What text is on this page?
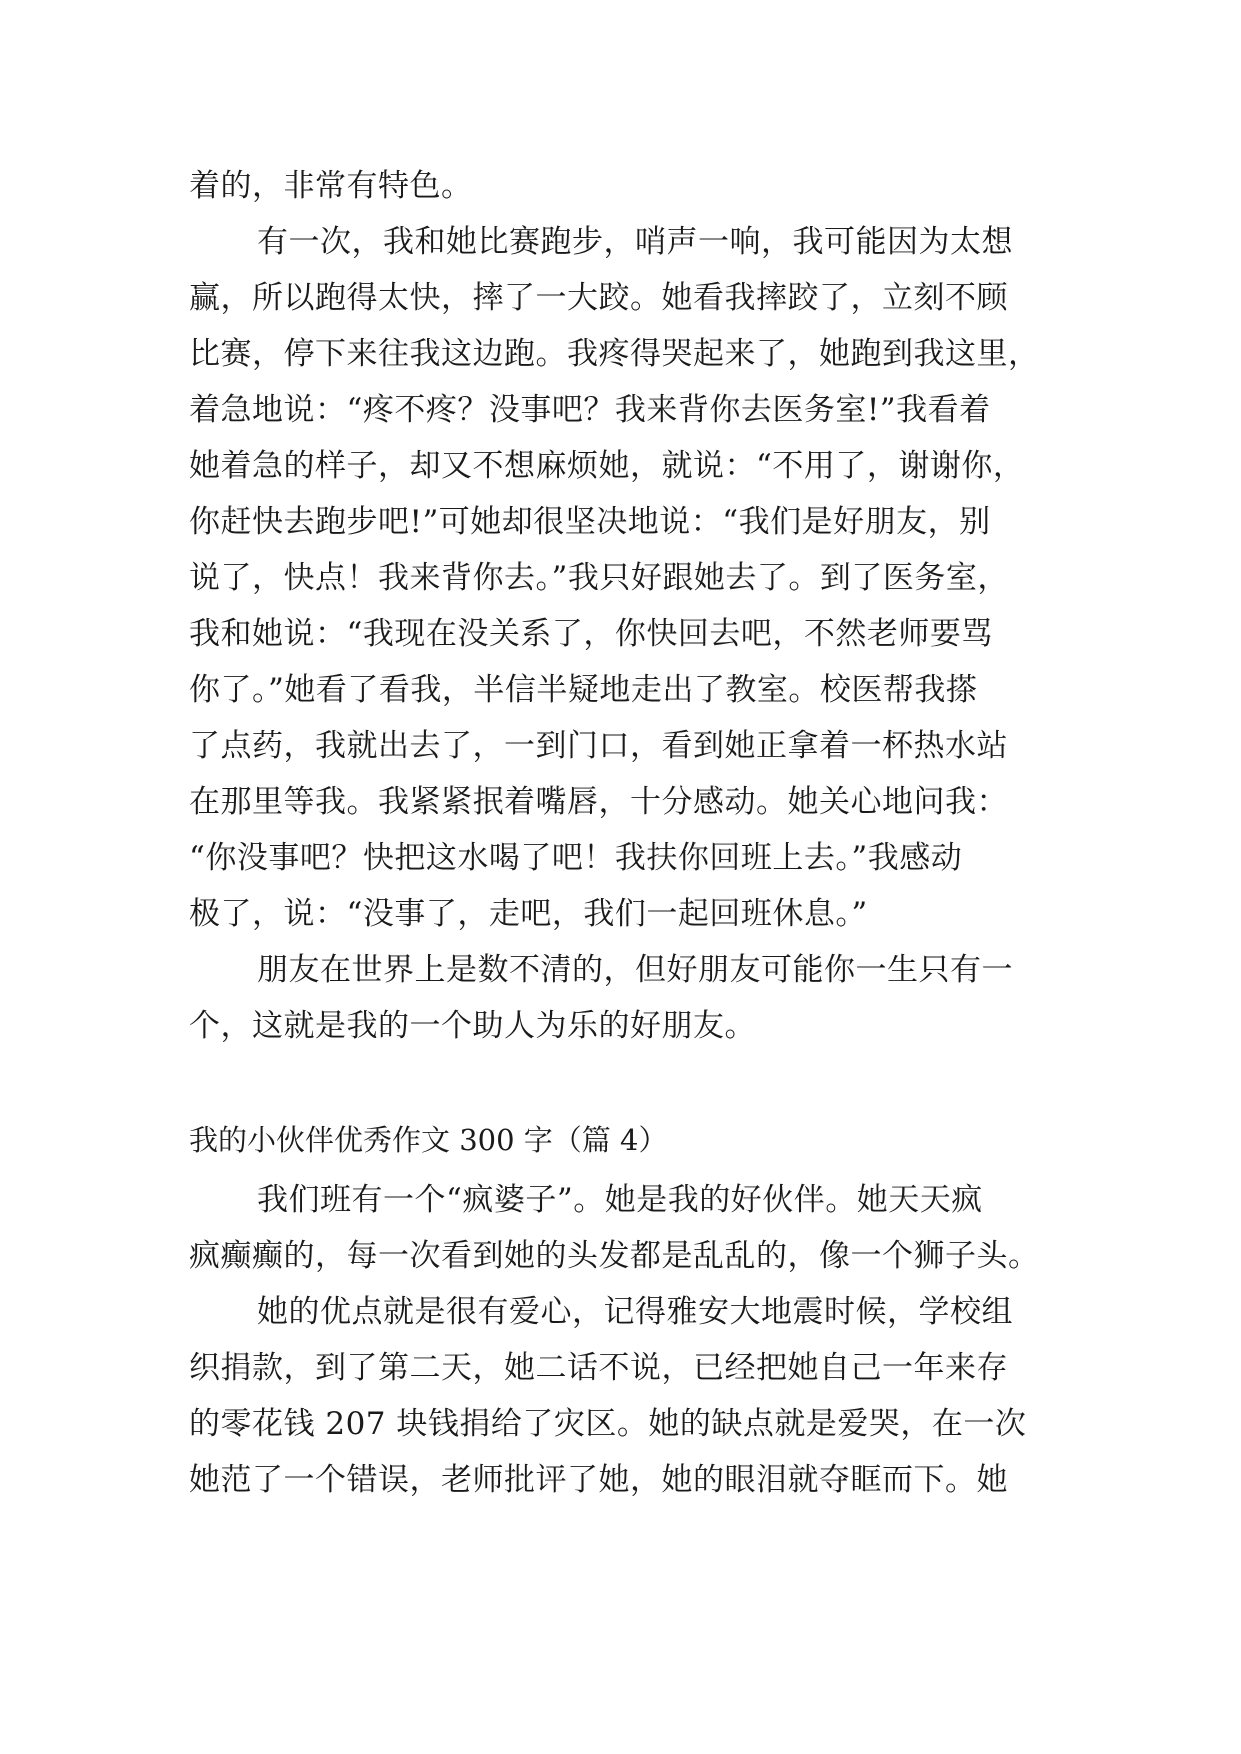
着的，非常有特色。
有一次，我和她比赛跑步，哨声一响，我可能因为太想
赢，所以跑得太快，摔了一大跤。她看我摔跤了，立刻不顾
比赛，停下来往我这边跑。我疼得哭起来了，她跑到我这里，
着急地说：“疼不疼？没事吧？我来背你去医务室!”我看着
她着急的样子，却又不想麻烦她，就说：“不用了，谢谢你，
你赶快去跑步吧!”可她却很坚决地说：“我们是好朋友，别
说了，快点！我来背你去。”我只好跟她去了。到了医务室，
我和她说：“我现在没关系了，你快回去吧，不然老师要骂
你了。”她看了看我，半信半疑地走出了教室。校医帮我搽
了点药，我就出去了，一到门口，看到她正拿着一杯热水站
在那里等我。我紧紧抿着嘴唇，十分感动。她关心地问我：
“你没事吧？快把这水喝了吧！我扶你回班上去。”我感动
极了，说：“没事了，走吧，我们一起回班休息。”
朋友在世界上是数不清的，但好朋友可能你一生只有一
个，这就是我的一个助人为乐的好朋友。
我的小伙伴优秀作文 300 字（篇 4）
我们班有一个“疯婆子”。她是我的好伙伴。她天天疯
疯癫癫的，每一次看到她的头发都是乱乱的，像一个狮子头。
她的优点就是很有爱心，记得雅安大地震时候，学校组
织捐款，到了第二天，她二话不说，已经把她自己一年来存
的零花钱 207 块钱捐给了灾区。她的缺点就是爱哭，在一次
她范了一个错误，老师批评了她，她的眼泪就夺眶而下。她
